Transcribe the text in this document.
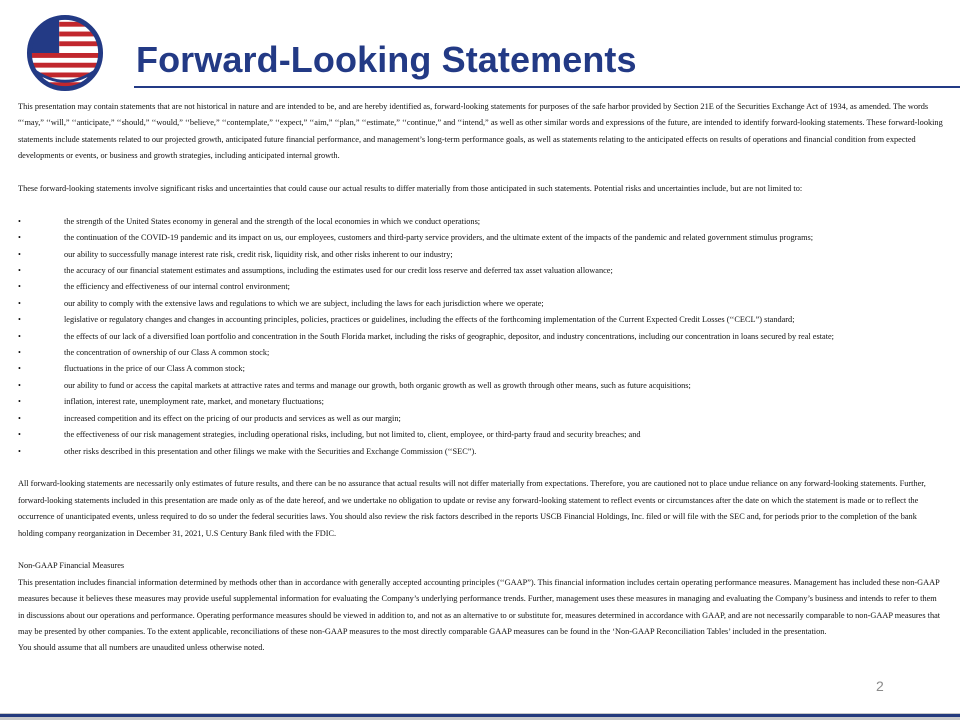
Forward-Looking Statements

This presentation may contain statements that are not historical in nature and are intended to be, and are hereby identified as, forward-looking statements for purposes of the safe harbor provided by Section 21E of the Securities Exchange Act of 1934, as amended. The words “‘may,” ‘‘will,” ‘‘anticipate,” ‘‘should,” ‘‘would,” ‘‘believe,” ‘‘contemplate,” ‘‘expect,” ‘‘aim,” ‘‘plan,” ‘‘estimate,” ‘‘continue,” and ‘‘intend,” as well as other similar words and expressions of the future, are intended to identify forward-looking statements. These forward-looking statements include statements related to our projected growth, anticipated future financial performance, and management’s long-term performance goals, as well as statements relating to the anticipated effects on results of operations and financial condition from expected developments or events, or business and growth strategies, including anticipated internal growth.

These forward-looking statements involve significant risks and uncertainties that could cause our actual results to differ materially from those anticipated in such statements. Potential risks and uncertainties include, but are not limited to:

•	the strength of the United States economy in general and the strength of the local economies in which we conduct operations;
•	the continuation of the COVID-19 pandemic and its impact on us, our employees, customers and third-party service providers, and the ultimate extent of the impacts of the pandemic and related government stimulus programs;
•	our ability to successfully manage interest rate risk, credit risk, liquidity risk, and other risks inherent to our industry;
•	the accuracy of our financial statement estimates and assumptions, including the estimates used for our credit loss reserve and deferred tax asset valuation allowance;
•	the efficiency and effectiveness of our internal control environment;
•	our ability to comply with the extensive laws and regulations to which we are subject, including the laws for each jurisdiction where we operate;
•	legislative or regulatory changes and changes in accounting principles, policies, practices or guidelines, including the effects of the forthcoming implementation of the Current Expected Credit Losses (‘‘CECL”) standard;
•	the effects of our lack of a diversified loan portfolio and concentration in the South Florida market, including the risks of geographic, depositor, and industry concentrations, including our concentration in loans secured by real estate;
•	the concentration of ownership of our Class A common stock;
•	fluctuations in the price of our Class A common stock;
•	our ability to fund or access the capital markets at attractive rates and terms and manage our growth, both organic growth as well as growth through other means, such as future acquisitions;
•	inflation, interest rate, unemployment rate, market, and monetary fluctuations;
•	increased competition and its effect on the pricing of our products and services as well as our margin;
•	the effectiveness of our risk management strategies, including operational risks, including, but not limited to, client, employee, or third-party fraud and security breaches; and
•	other risks described in this presentation and other filings we make with the Securities and Exchange Commission (‘‘SEC”).

All forward-looking statements are necessarily only estimates of future results, and there can be no assurance that actual results will not differ materially from expectations. Therefore, you are cautioned not to place undue reliance on any forward-looking statements. Further, forward-looking statements included in this presentation are made only as of the date hereof, and we undertake no obligation to update or revise any forward-looking statement to reflect events or circumstances after the date on which the statement is made or to reflect the occurrence of unanticipated events, unless required to do so under the federal securities laws. You should also review the risk factors described in the reports USCB Financial Holdings, Inc. filed or will file with the SEC and, for periods prior to the completion of the bank holding company reorganization in December 31, 2021, U.S Century Bank filed with the FDIC.

Non-GAAP Financial Measures

This presentation includes financial information determined by methods other than in accordance with generally accepted accounting principles (‘‘GAAP”). This financial information includes certain operating performance measures. Management has included these non-GAAP measures because it believes these measures may provide useful supplemental information for evaluating the Company’s underlying performance trends. Further, management uses these measures in managing and evaluating the Company’s business and intends to refer to them in discussions about our operations and performance. Operating performance measures should be viewed in addition to, and not as an alternative to or substitute for, measures determined in accordance with GAAP, and are not necessarily comparable to non-GAAP measures that may be presented by other companies. To the extent applicable, reconciliations of these non-GAAP measures to the most directly comparable GAAP measures can be found in the ‘Non-GAAP Reconciliation Tables’ included in the presentation.

You should assume that all numbers are unaudited unless otherwise noted.

2
